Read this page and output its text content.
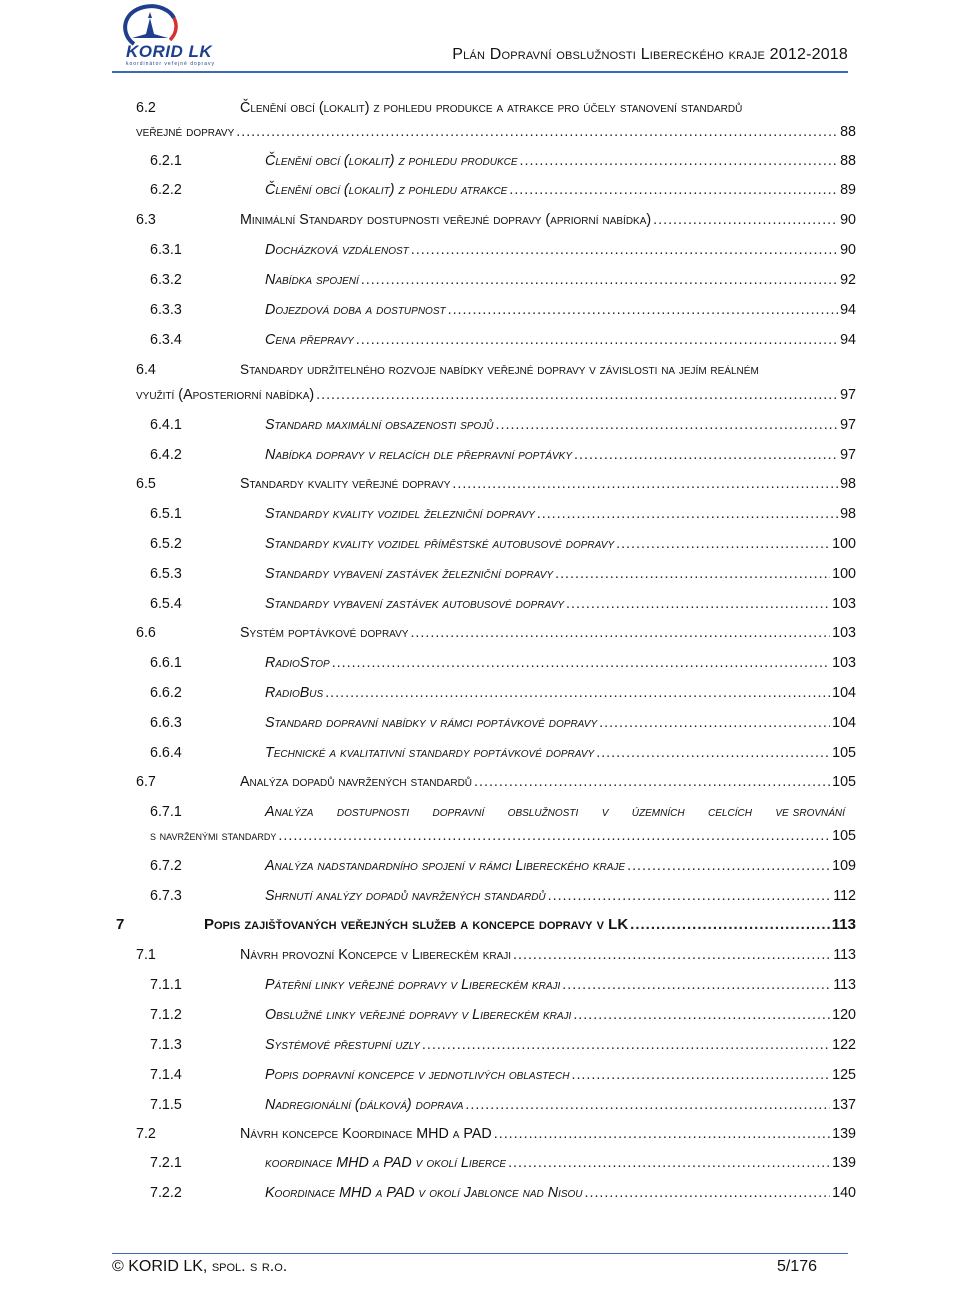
KORID LK
koordinátor veřejné dopravy
Plán Dopravní obslužnosti Libereckého kraje 2012-2018
6.2	Členění obcí (lokalit) z pohledu produkce a atrakce pro účely stanovení standardů
veřejné dopravy .....	88
6.2.1	Členění obcí (lokalit) z pohledu produkce .....	88
6.2.2	Členění obcí (lokalit) z pohledu atrakce .....	89
6.3	Minimální Standardy dostupnosti veřejné dopravy (apriorní nabídka) .....	90
6.3.1	Docházková vzdálenost .....	90
6.3.2	Nabídka spojení .....	92
6.3.3	Dojezdová doba a dostupnost .....	94
6.3.4	Cena přepravy .....	94
6.4	Standardy udržitelného rozvoje nabídky veřejné dopravy v závislosti na jejím reálném
využití (Aposteriorní nabídka) .....	97
6.4.1	Standard maximální obsazenosti spojů .....	97
6.4.2	Nabídka dopravy v relacích dle přepravní poptávky .....	97
6.5	Standardy kvality veřejné dopravy .....	98
6.5.1	Standardy kvality vozidel železniční dopravy .....	98
6.5.2	Standardy kvality vozidel příměstské autobusové dopravy .....	100
6.5.3	Standardy vybavení zastávek železniční dopravy .....	100
6.5.4	Standardy vybavení zastávek autobusové dopravy .....	103
6.6	Systém poptávkové dopravy .....	103
6.6.1	RadioStop .....	103
6.6.2	RadioBus .....	104
6.6.3	Standard dopravní nabídky v rámci poptávkové dopravy .....	104
6.6.4	Technické a kvalitativní standardy poptávkové dopravy .....	105
6.7	Analýza dopadů navržených standardů .....	105
6.7.1	Analýza dostupnosti dopravní obslužnosti v územních celcích ve srovnání
s navrženými standardy .....	105
6.7.2	Analýza nadstandardního spojení v rámci Libereckého kraje .....	109
6.7.3	Shrnutí analýzy dopadů navržených standardů .....	112
7	Popis zajišťovaných veřejných služeb a koncepce dopravy v LK .....	113
7.1	Návrh provozní Koncepce v Libereckém kraji .....	113
7.1.1	Páteřní linky veřejné dopravy v Libereckém kraji .....	113
7.1.2	Obslužné linky veřejné dopravy v Libereckém kraji .....	120
7.1.3	Systémové přestupní uzly .....	122
7.1.4	Popis dopravní koncepce v jednotlivých oblastech .....	125
7.1.5	Nadregionální (dálková) doprava .....	137
7.2	Návrh koncepce Koordinace MHD a PAD .....	139
7.2.1	koordinace MHD a PAD v okolí Liberce .....	139
7.2.2	Koordinace MHD a PAD v okolí Jablonce nad Nisou .....	140
© KORID LK, spol. s r.o.	5/176
